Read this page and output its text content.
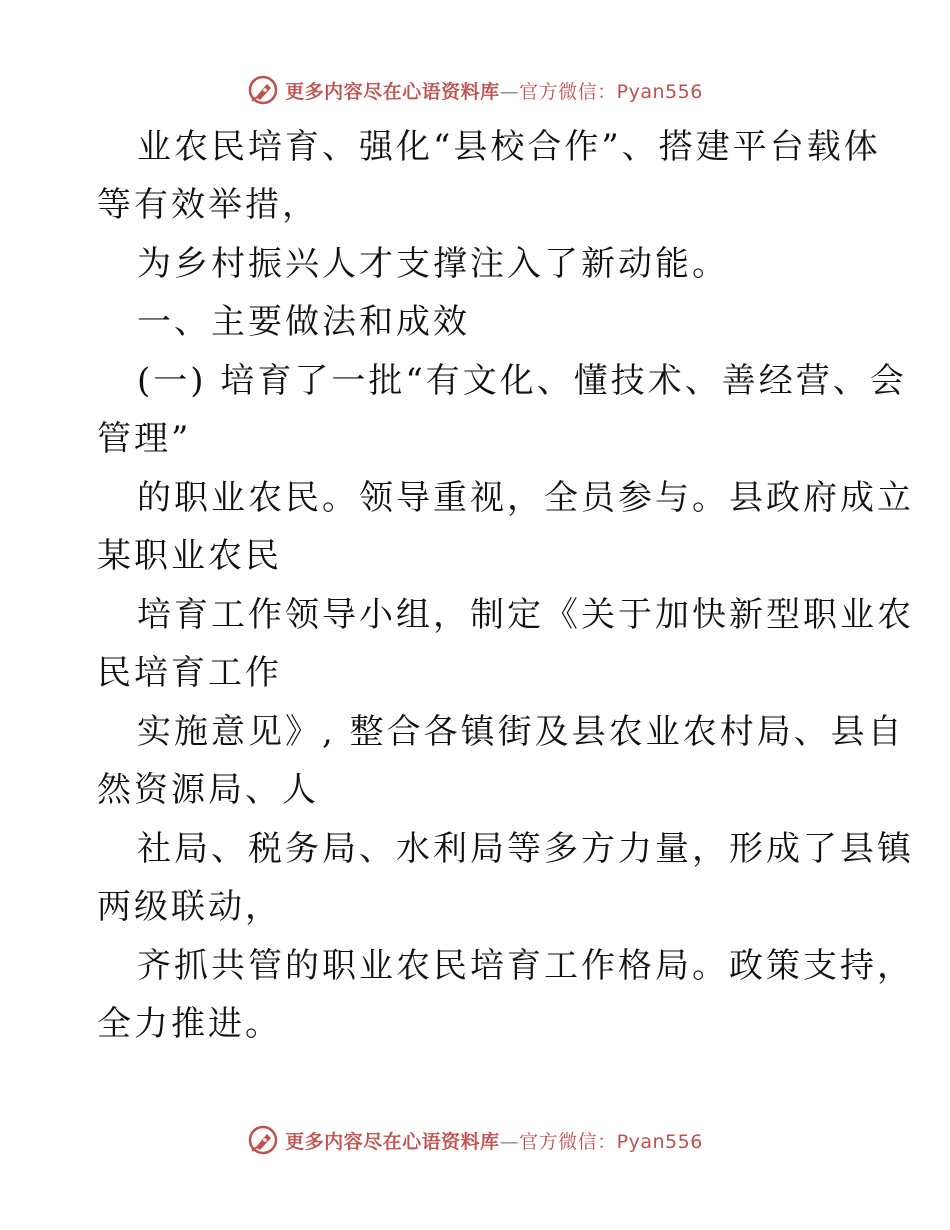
更多内容尽在心语资料库—官方微信：Pyan556
业农民培育、强化“县校合作”、搭建平台载体
等有效举措，
为乡村振兴人才支撑注入了新动能。
一、主要做法和成效
(一) 培育了一批“有文化、懂技术、善经营、会
管理”
的职业农民。领导重视，全员参与。县政府成立
某职业农民
培育工作领导小组，制定《关于加快新型职业农
民培育工作
实施意见》, 整合各镇街及县农业农村局、县自
然资源局、人
社局、税务局、水利局等多方力量，形成了县镇
两级联动，
齐抓共管的职业农民培育工作格局。政策支持，
全力推进。
更多内容尽在心语资料库—官方微信：Pyan556
